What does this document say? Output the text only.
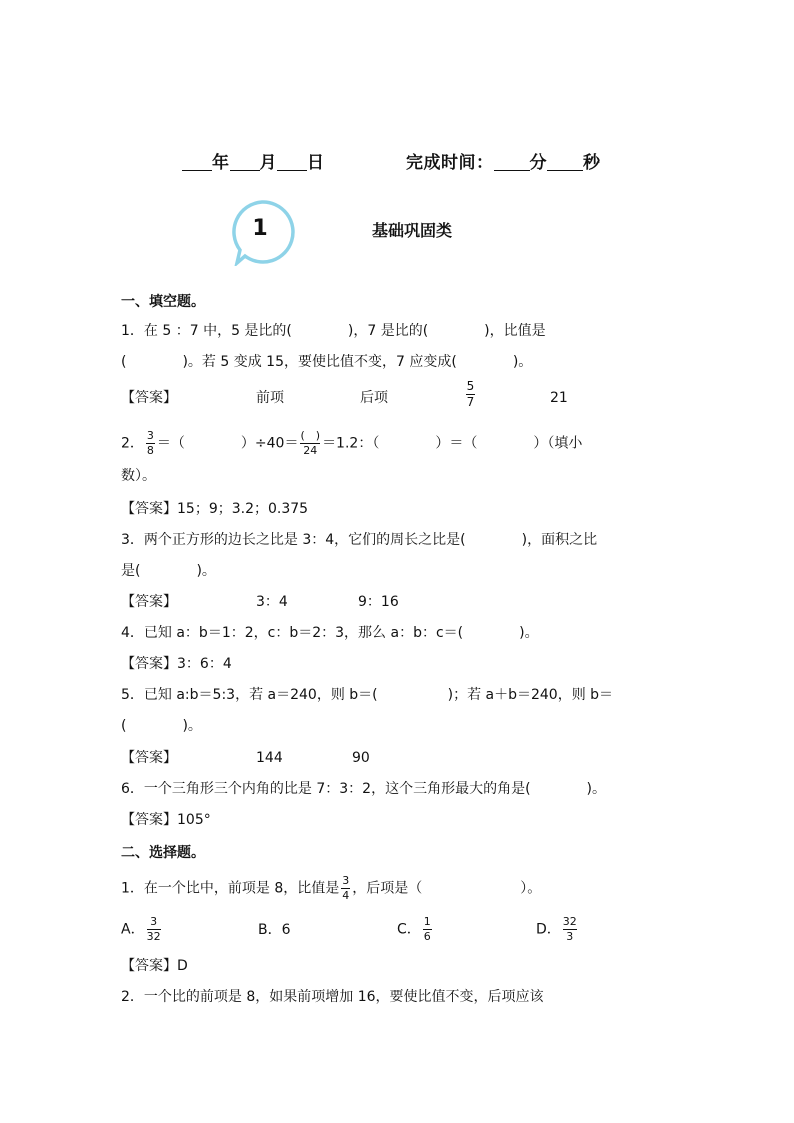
年 月 日	完成时间： 分 秒
1	基础巩固类
一、填空题。
1．在 5 ：7 中，5 是比的(　　　　)，7 是比的(　　　　)，比值是
(　　　　)。若 5 变成 15，要使比值不变，7 应变成(　　　　)。
【答案】	前项	后项	$\frac{5}{7}$	21
2． $\frac{3}{8}$ ＝（　　　　）$\div 40= \frac{( )}{24} =1.2$：（　　　　）＝（　　　　）（填小
数）。
【答案】15；9；3.2；0.375
3．两个正方形的边长之比是 3：4，它们的周长之比是(　　　　)，面积之比
是(　　　　)。
【答案】	3：4	9：16
4．已知 a：b＝1：2，c：b＝2：3，那么 a：b：c＝(　　　　)。
【答案】3：6：4
5．已知 a:b＝5:3，若 a＝240，则 b＝(　　　　　)；若 a＋b＝240，则 b＝
(　　　　)。
【答案】	144	90
6．一个三角形三个内角的比是 7：3：2，这个三角形最大的角是(　　　　)。
【答案】105°
二、选择题。
1．在一个比中，前项是 8，比值是 $\frac{3}{4}$ ，后项是（　　　　　　　）。
A． $\frac{3}{32}$	B．6	C． $\frac{1}{6}$	D． $\frac{32}{3}$
【答案】D
2．一个比的前项是 8，如果前项增加 16，要使比值不变，后项应该
